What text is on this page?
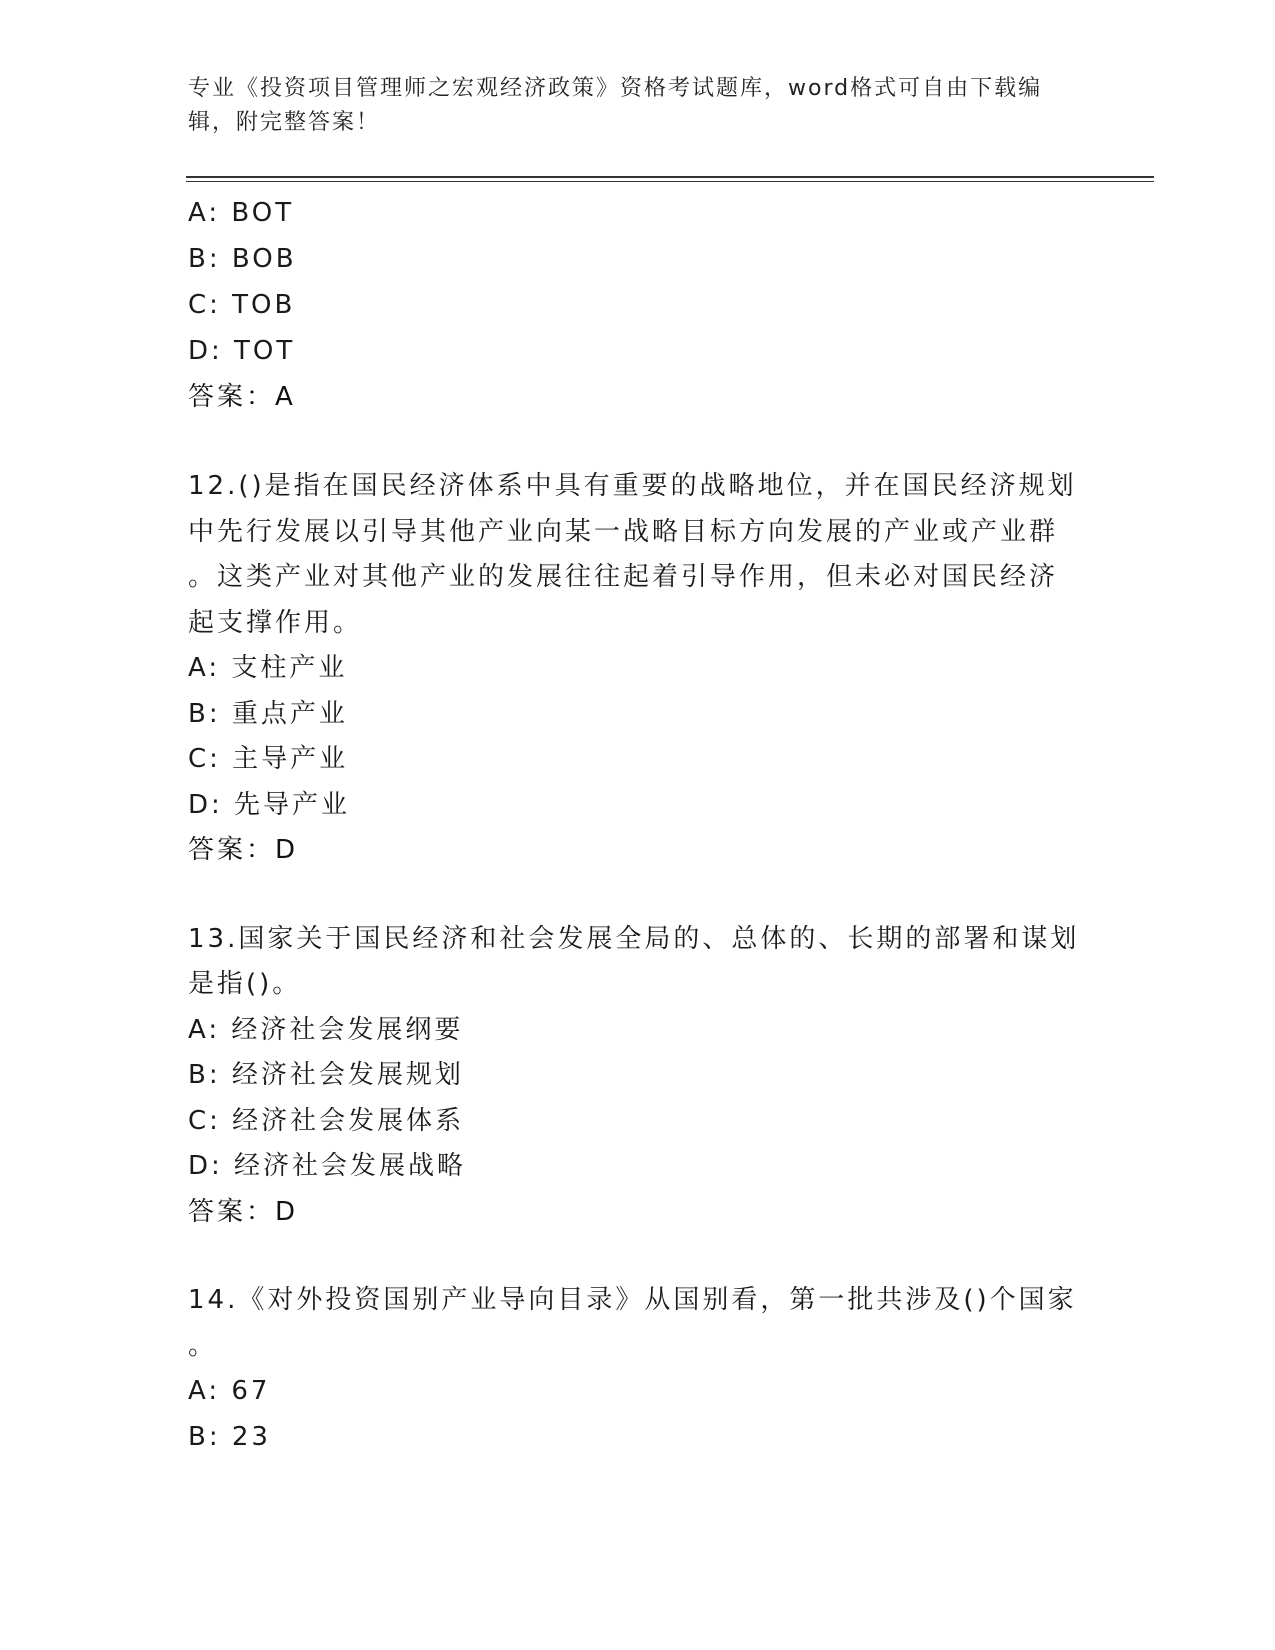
专业《投资项目管理师之宏观经济政策》资格考试题库，word格式可自由下载编
辑，附完整答案！
A: BOT
B: BOB
C: TOB
D: TOT
答案：A
12.()是指在国民经济体系中具有重要的战略地位，并在国民经济规划
中先行发展以引导其他产业向某一战略目标方向发展的产业或产业群
。这类产业对其他产业的发展往往起着引导作用，但未必对国民经济
起支撑作用。
A: 支柱产业
B: 重点产业
C: 主导产业
D: 先导产业
答案：D
13.国家关于国民经济和社会发展全局的、总体的、长期的部署和谋划
是指()。
A: 经济社会发展纲要
B: 经济社会发展规划
C: 经济社会发展体系
D: 经济社会发展战略
答案：D
14.《对外投资国别产业导向目录》从国别看，第一批共涉及()个国家
。
A: 67
B: 23
